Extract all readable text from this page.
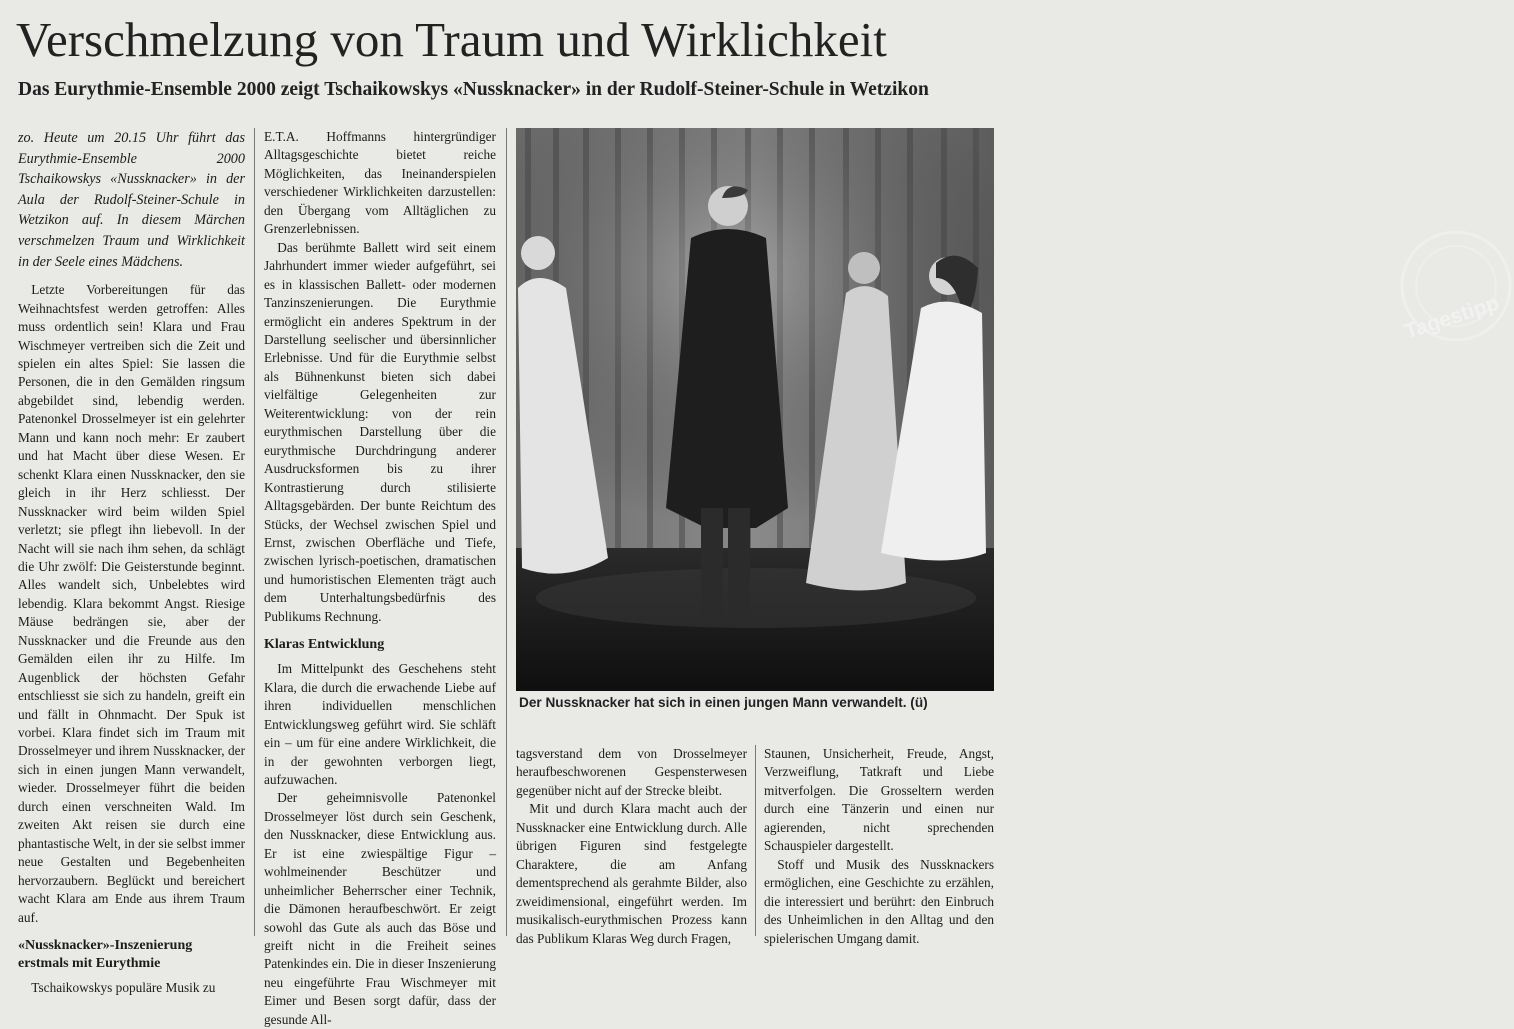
Verschmelzung von Traum und Wirklichkeit
Das Eurythmie-Ensemble 2000 zeigt Tschaikowskys «Nussknacker» in der Rudolf-Steiner-Schule in Wetzikon

zo. Heute um 20.15 Uhr führt das Eurythmie-Ensemble 2000 Tschaikowskys «Nussknacker» in der Aula der Rudolf-Steiner-Schule in Wetzikon auf. In diesem Märchen verschmelzen Traum und Wirklichkeit in der Seele eines Mädchens.

Letzte Vorbereitungen für das Weihnachtsfest werden getroffen: Alles muss ordentlich sein! Klara und Frau Wischmeyer vertreiben sich die Zeit und spielen ein altes Spiel: Sie lassen die Personen, die in den Gemälden ringsum abgebildet sind, lebendig werden. Patenonkel Drosselmeyer ist ein gelehrter Mann und kann noch mehr: Er zaubert und hat Macht über diese Wesen. Er schenkt Klara einen Nussknacker, den sie gleich in ihr Herz schliesst. Der Nussknacker wird beim wilden Spiel verletzt; sie pflegt ihn liebevoll. In der Nacht will sie nach ihm sehen, da schlägt die Uhr zwölf: Die Geisterstunde beginnt. Alles wandelt sich, Unbelebtes wird lebendig. Klara bekommt Angst. Riesige Mäuse bedrängen sie, aber der Nussknacker und die Freunde aus den Gemälden eilen ihr zu Hilfe. Im Augenblick der höchsten Gefahr entschliesst sie sich zu handeln, greift ein und fällt in Ohnmacht. Der Spuk ist vorbei. Klara findet sich im Traum mit Drosselmeyer und ihrem Nussknacker, der sich in einen jungen Mann verwandelt, wieder. Drosselmeyer führt die beiden durch einen verschneiten Wald. Im zweiten Akt reisen sie durch eine phantastische Welt, in der sie selbst immer neue Gestalten und Begebenheiten hervorzaubern. Beglückt und bereichert wacht Klara am Ende aus ihrem Traum auf.

«Nussknacker»-Inszenierung erstmals mit Eurythmie

Tschaikowskys populäre Musik zu

E.T.A. Hoffmanns hintergründiger Alltagsgeschichte bietet reiche Möglichkeiten, das Ineinanderspielen verschiedener Wirklichkeiten darzustellen: den Übergang vom Alltäglichen zu Grenzerlebnissen.

Das berühmte Ballett wird seit einem Jahrhundert immer wieder aufgeführt, sei es in klassischen Ballett- oder modernen Tanzinszenierungen. Die Eurythmie ermöglicht ein anderes Spektrum in der Darstellung seelischer und übersinnlicher Erlebnisse. Und für die Eurythmie selbst als Bühnenkunst bieten sich dabei vielfältige Gelegenheiten zur Weiterentwicklung: von der rein eurythmischen Darstellung über die eurythmische Durchdringung anderer Ausdrucksformen bis zu ihrer Kontrastierung durch stilisierte Alltagsgebärden. Der bunte Reichtum des Stücks, der Wechsel zwischen Spiel und Ernst, zwischen Oberfläche und Tiefe, zwischen lyrisch-poetischen, dramatischen und humoristischen Elementen trägt auch dem Unterhaltungsbedürfnis des Publikums Rechnung.

Klaras Entwicklung

Im Mittelpunkt des Geschehens steht Klara, die durch die erwachende Liebe auf ihren individuellen menschlichen Entwicklungsweg geführt wird. Sie schläft ein – um für eine andere Wirklichkeit, die in der gewohnten verborgen liegt, aufzuwachen.

Der geheimnisvolle Patenonkel Drosselmeyer löst durch sein Geschenk, den Nussknacker, diese Entwicklung aus. Er ist eine zwiespältige Figur – wohlmeinender Beschützer und unheimlicher Beherrscher einer Technik, die Dämonen heraufbeschwört. Er zeigt sowohl das Gute als auch das Böse und greift nicht in die Freiheit seines Patenkindes ein. Die in dieser Inszenierung neu eingeführte Frau Wischmeyer mit Eimer und Besen sorgt dafür, dass der gesunde All-

Tagestipp

Der Nussknacker hat sich in einen jungen Mann verwandelt. (ü)

tagsverstand dem von Drosselmeyer heraufbeschworenen Gespensterwesen gegenüber nicht auf der Strecke bleibt.

Mit und durch Klara macht auch der Nussknacker eine Entwicklung durch. Alle übrigen Figuren sind festgelegte Charaktere, die am Anfang dementsprechend als gerahmte Bilder, also zweidimensional, eingeführt werden. Im musikalisch-eurythmischen Prozess kann das Publikum Klaras Weg durch Fragen,

Staunen, Unsicherheit, Freude, Angst, Verzweiflung, Tatkraft und Liebe mitverfolgen. Die Grosseltern werden durch eine Tänzerin und einen nur agierenden, nicht sprechenden Schauspieler dargestellt.

Stoff und Musik des Nussknackers ermöglichen, eine Geschichte zu erzählen, die interessiert und berührt: den Einbruch des Unheimlichen in den Alltag und den spielerischen Umgang damit.
